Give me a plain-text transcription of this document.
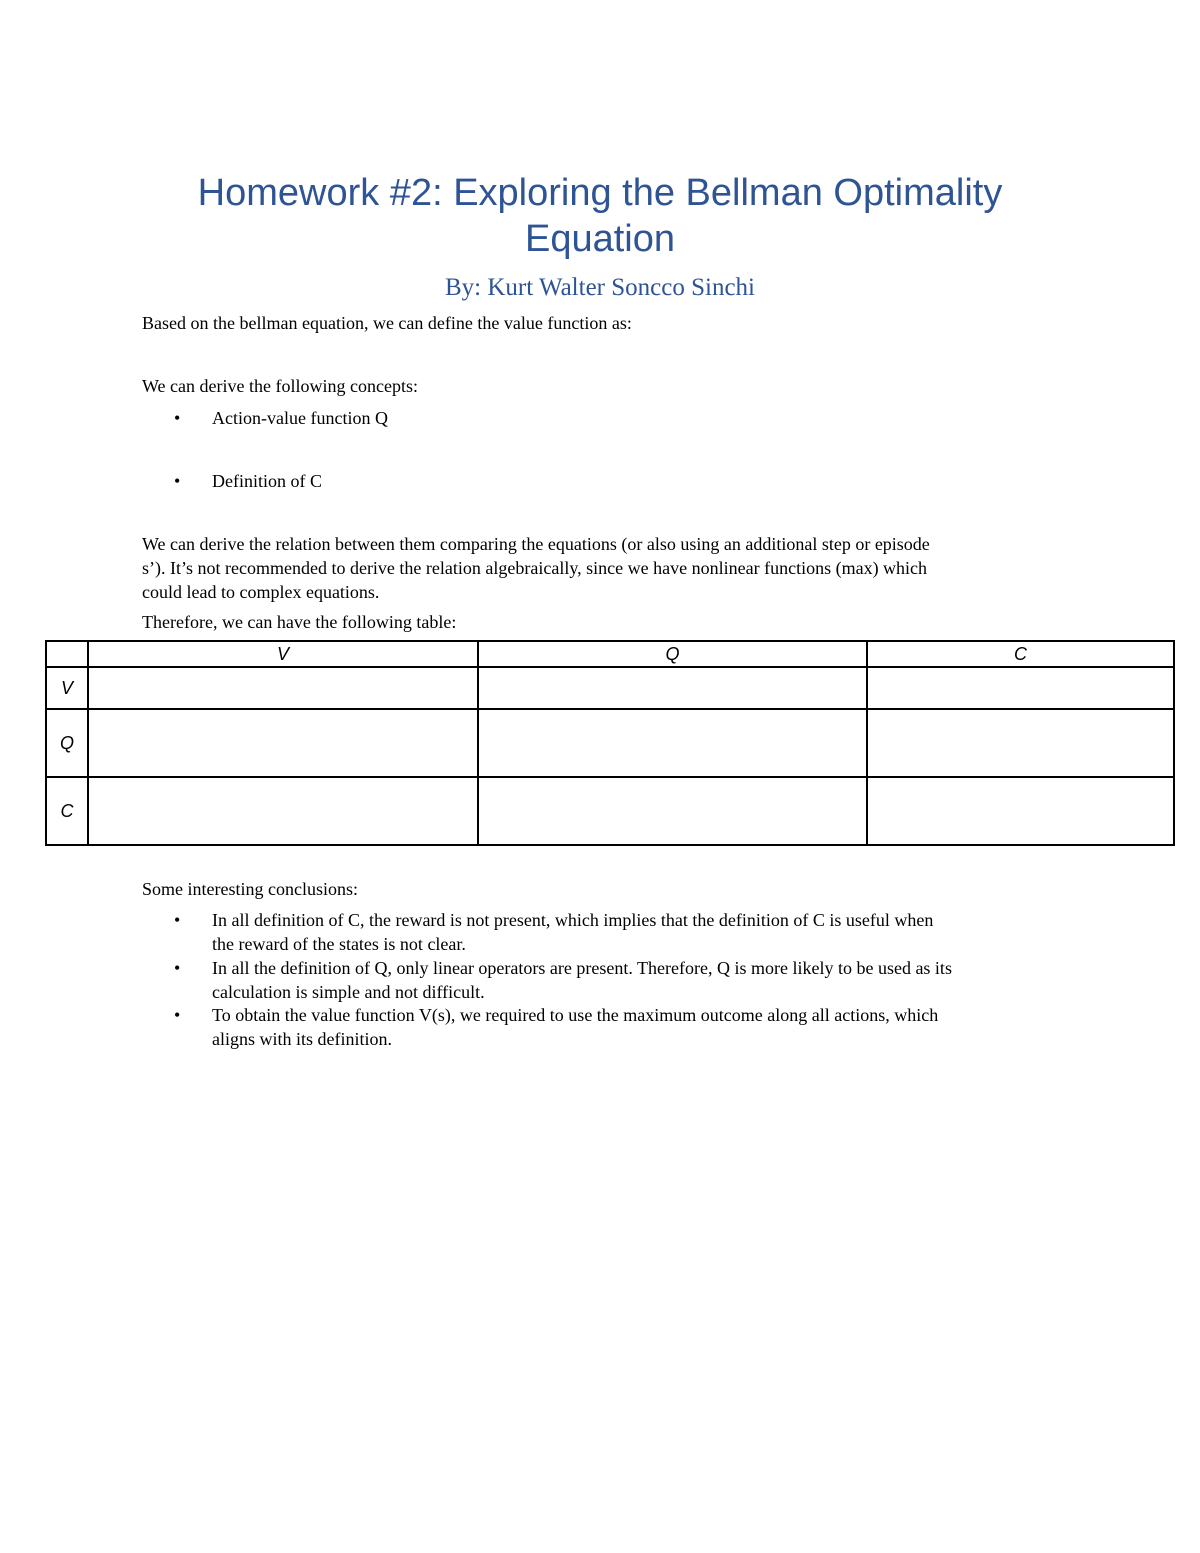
Homework #2: Exploring the Bellman Optimality Equation
By: Kurt Walter Soncco Sinchi

Based on the bellman equation, we can define the value function as:

We can derive the following concepts:

• Action-value function Q
• Definition of C
We can derive the relation between them comparing the equations (or also using an additional step or episode
s’). It’s not recommended to derive the relation algebraically, since we have nonlinear functions (max) which
could lead to complex equations.

Therefore, we can have the following table:

	V	Q	C
V			
Q			
C			

Some interesting conclusions:

• In all definition of C, the reward is not present, which implies that the definition of C is useful when
the reward of the states is not clear.
• In all the definition of Q, only linear operators are present. Therefore, Q is more likely to be used as its
calculation is simple and not difficult.
• To obtain the value function V(s), we required to use the maximum outcome along all actions, which
aligns with its definition.
